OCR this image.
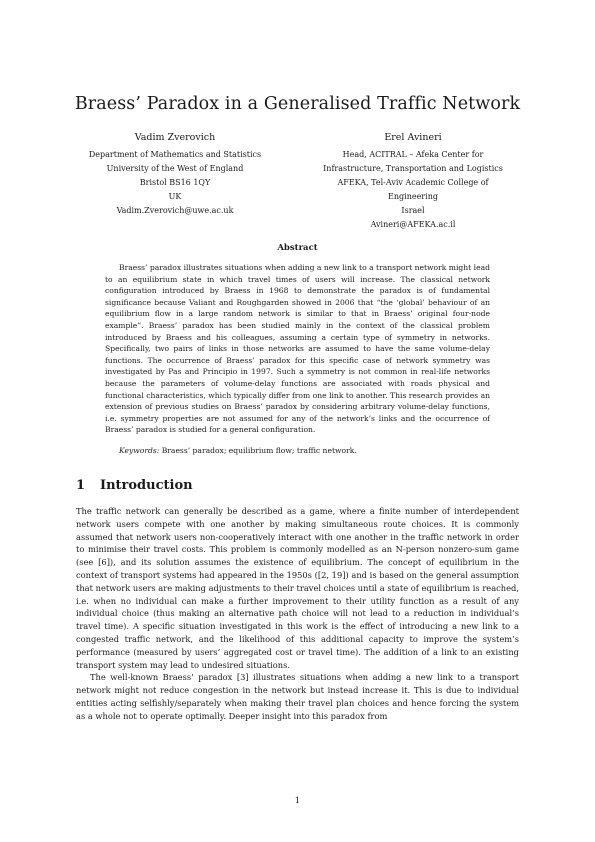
Braess’ Paradox in a Generalised Traffic Network
Vadim Zverovich
Department of Mathematics and Statistics
University of the West of England
Bristol BS16 1QY
UK
Vadim.Zverovich@uwe.ac.uk
Erel Avineri
Head, ACITRAL – Afeka Center for
Infrastructure, Transportation and Logistics
AFEKA, Tel-Aviv Academic College of Engineering
Israel
Avineri@AFEKA.ac.il
Abstract

Braess’ paradox illustrates situations when adding a new link to a transport network might lead to an equilibrium state in which travel times of users will increase. The classical network configuration introduced by Braess in 1968 to demonstrate the paradox is of fundamental significance because Valiant and Roughgarden showed in 2006 that “the ‘global’ behaviour of an equilibrium flow in a large random network is similar to that in Braess’ original four-node example”. Braess’ paradox has been studied mainly in the context of the classical problem introduced by Braess and his colleagues, assuming a certain type of symmetry in networks. Specifically, two pairs of links in those networks are assumed to have the same volume-delay functions. The occurrence of Braess’ paradox for this specific case of network symmetry was investigated by Pas and Principio in 1997. Such a symmetry is not common in real-life networks because the parameters of volume-delay functions are associated with roads physical and functional characteristics, which typically differ from one link to another. This research provides an extension of previous studies on Braess’ paradox by considering arbitrary volume-delay functions, i.e. symmetry properties are not assumed for any of the network’s links and the occurrence of Braess’ paradox is studied for a general configuration.

Keywords: Braess’ paradox; equilibrium flow; traffic network.
1 Introduction

The traffic network can generally be described as a game, where a finite number of interdependent network users compete with one another by making simultaneous route choices. It is commonly assumed that network users non-cooperatively interact with one another in the traffic network in order to minimise their travel costs. This problem is commonly modelled as an N-person nonzero-sum game (see [6]), and its solution assumes the existence of equilibrium. The concept of equilibrium in the context of transport systems had appeared in the 1950s ([2, 19]) and is based on the general assumption that network users are making adjustments to their travel choices until a state of equilibrium is reached, i.e. when no individual can make a further improvement to their utility function as a result of any individual choice (thus making an alternative path choice will not lead to a reduction in individual’s travel time). A specific situation investigated in this work is the effect of introducing a new link to a congested traffic network, and the likelihood of this additional capacity to improve the system’s performance (measured by users’ aggregated cost or travel time). The addition of a link to an existing transport system may lead to undesired situations.

The well-known Braess’ paradox [3] illustrates situations when adding a new link to a transport network might not reduce congestion in the network but instead increase it. This is due to individual entities acting selfishly/separately when making their travel plan choices and hence forcing the system as a whole not to operate optimally. Deeper insight into this paradox from

1
